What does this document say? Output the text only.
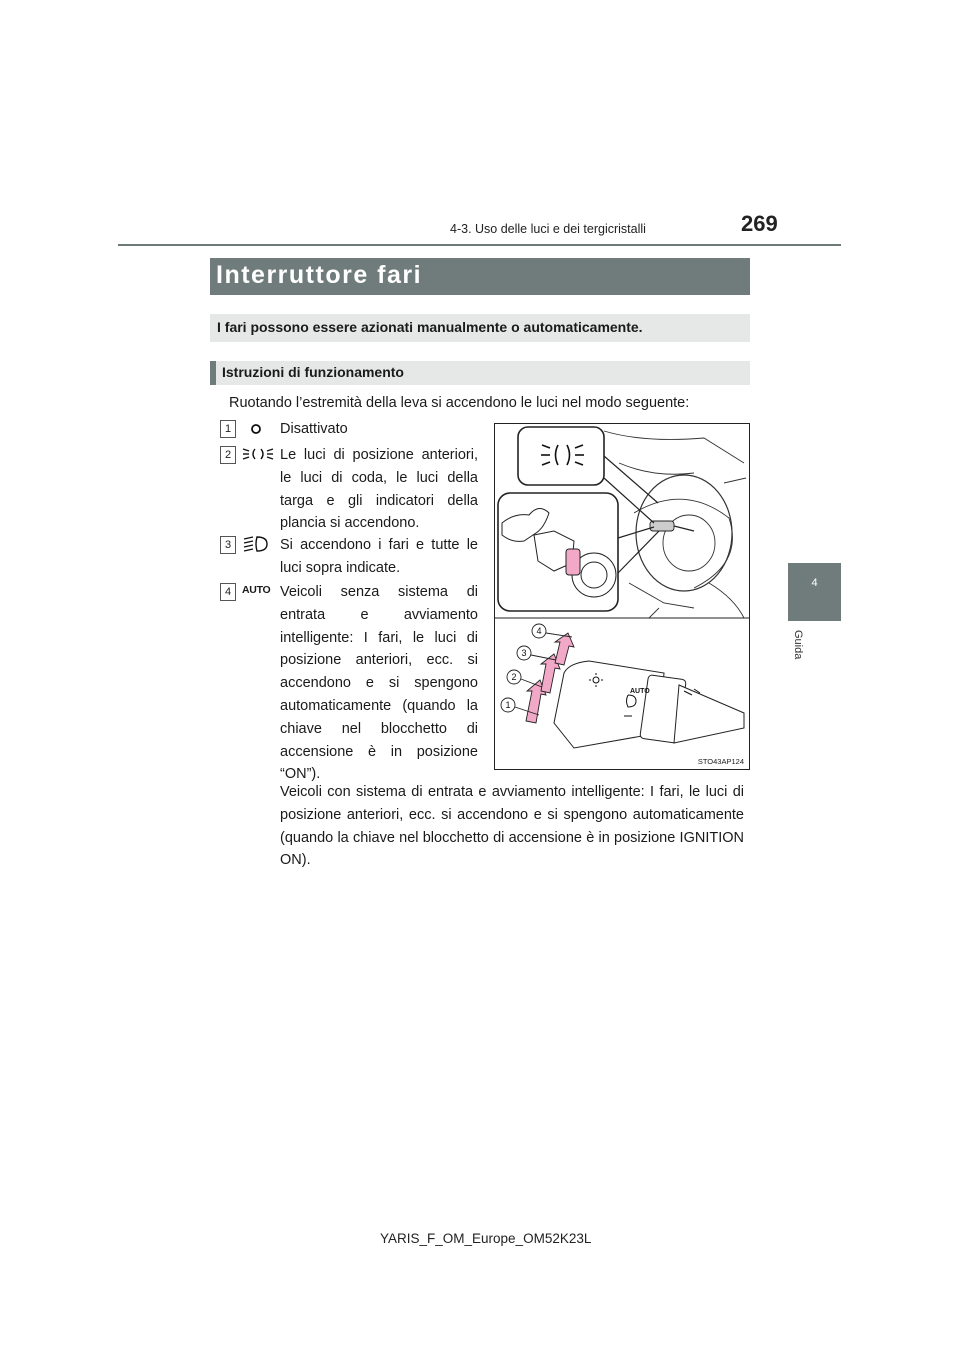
4-3. Uso delle luci e dei tergicristalli	269
4
Guida
Interruttore fari
I fari possono essere azionati manualmente o automaticamente.
Istruzioni di funzionamento
Ruotando l’estremità della leva si accendono le luci nel modo seguente:
1	Disattivato
2	Le luci di posizione anteriori, le luci di coda, le luci della targa e gli indicatori della plancia si accendono.
3	Si accendono i fari e tutte le luci sopra indicate.
4	AUTO Veicoli senza sistema di entrata e avviamento intelligente: I fari, le luci di posizione anteriori, ecc. si accendono e si spengono automaticamente (quando la chiave nel blocchetto di accensione è in posizione “ON”).
Veicoli con sistema di entrata e avviamento intelligente: I fari, le luci di posizione anteriori, ecc. si accendono e si spengono automaticamente (quando la chiave nel blocchetto di accensione è in posizione IGNITION ON).
AUTO
1
2
3
4
STO43AP124
YARIS_F_OM_Europe_OM52K23L
